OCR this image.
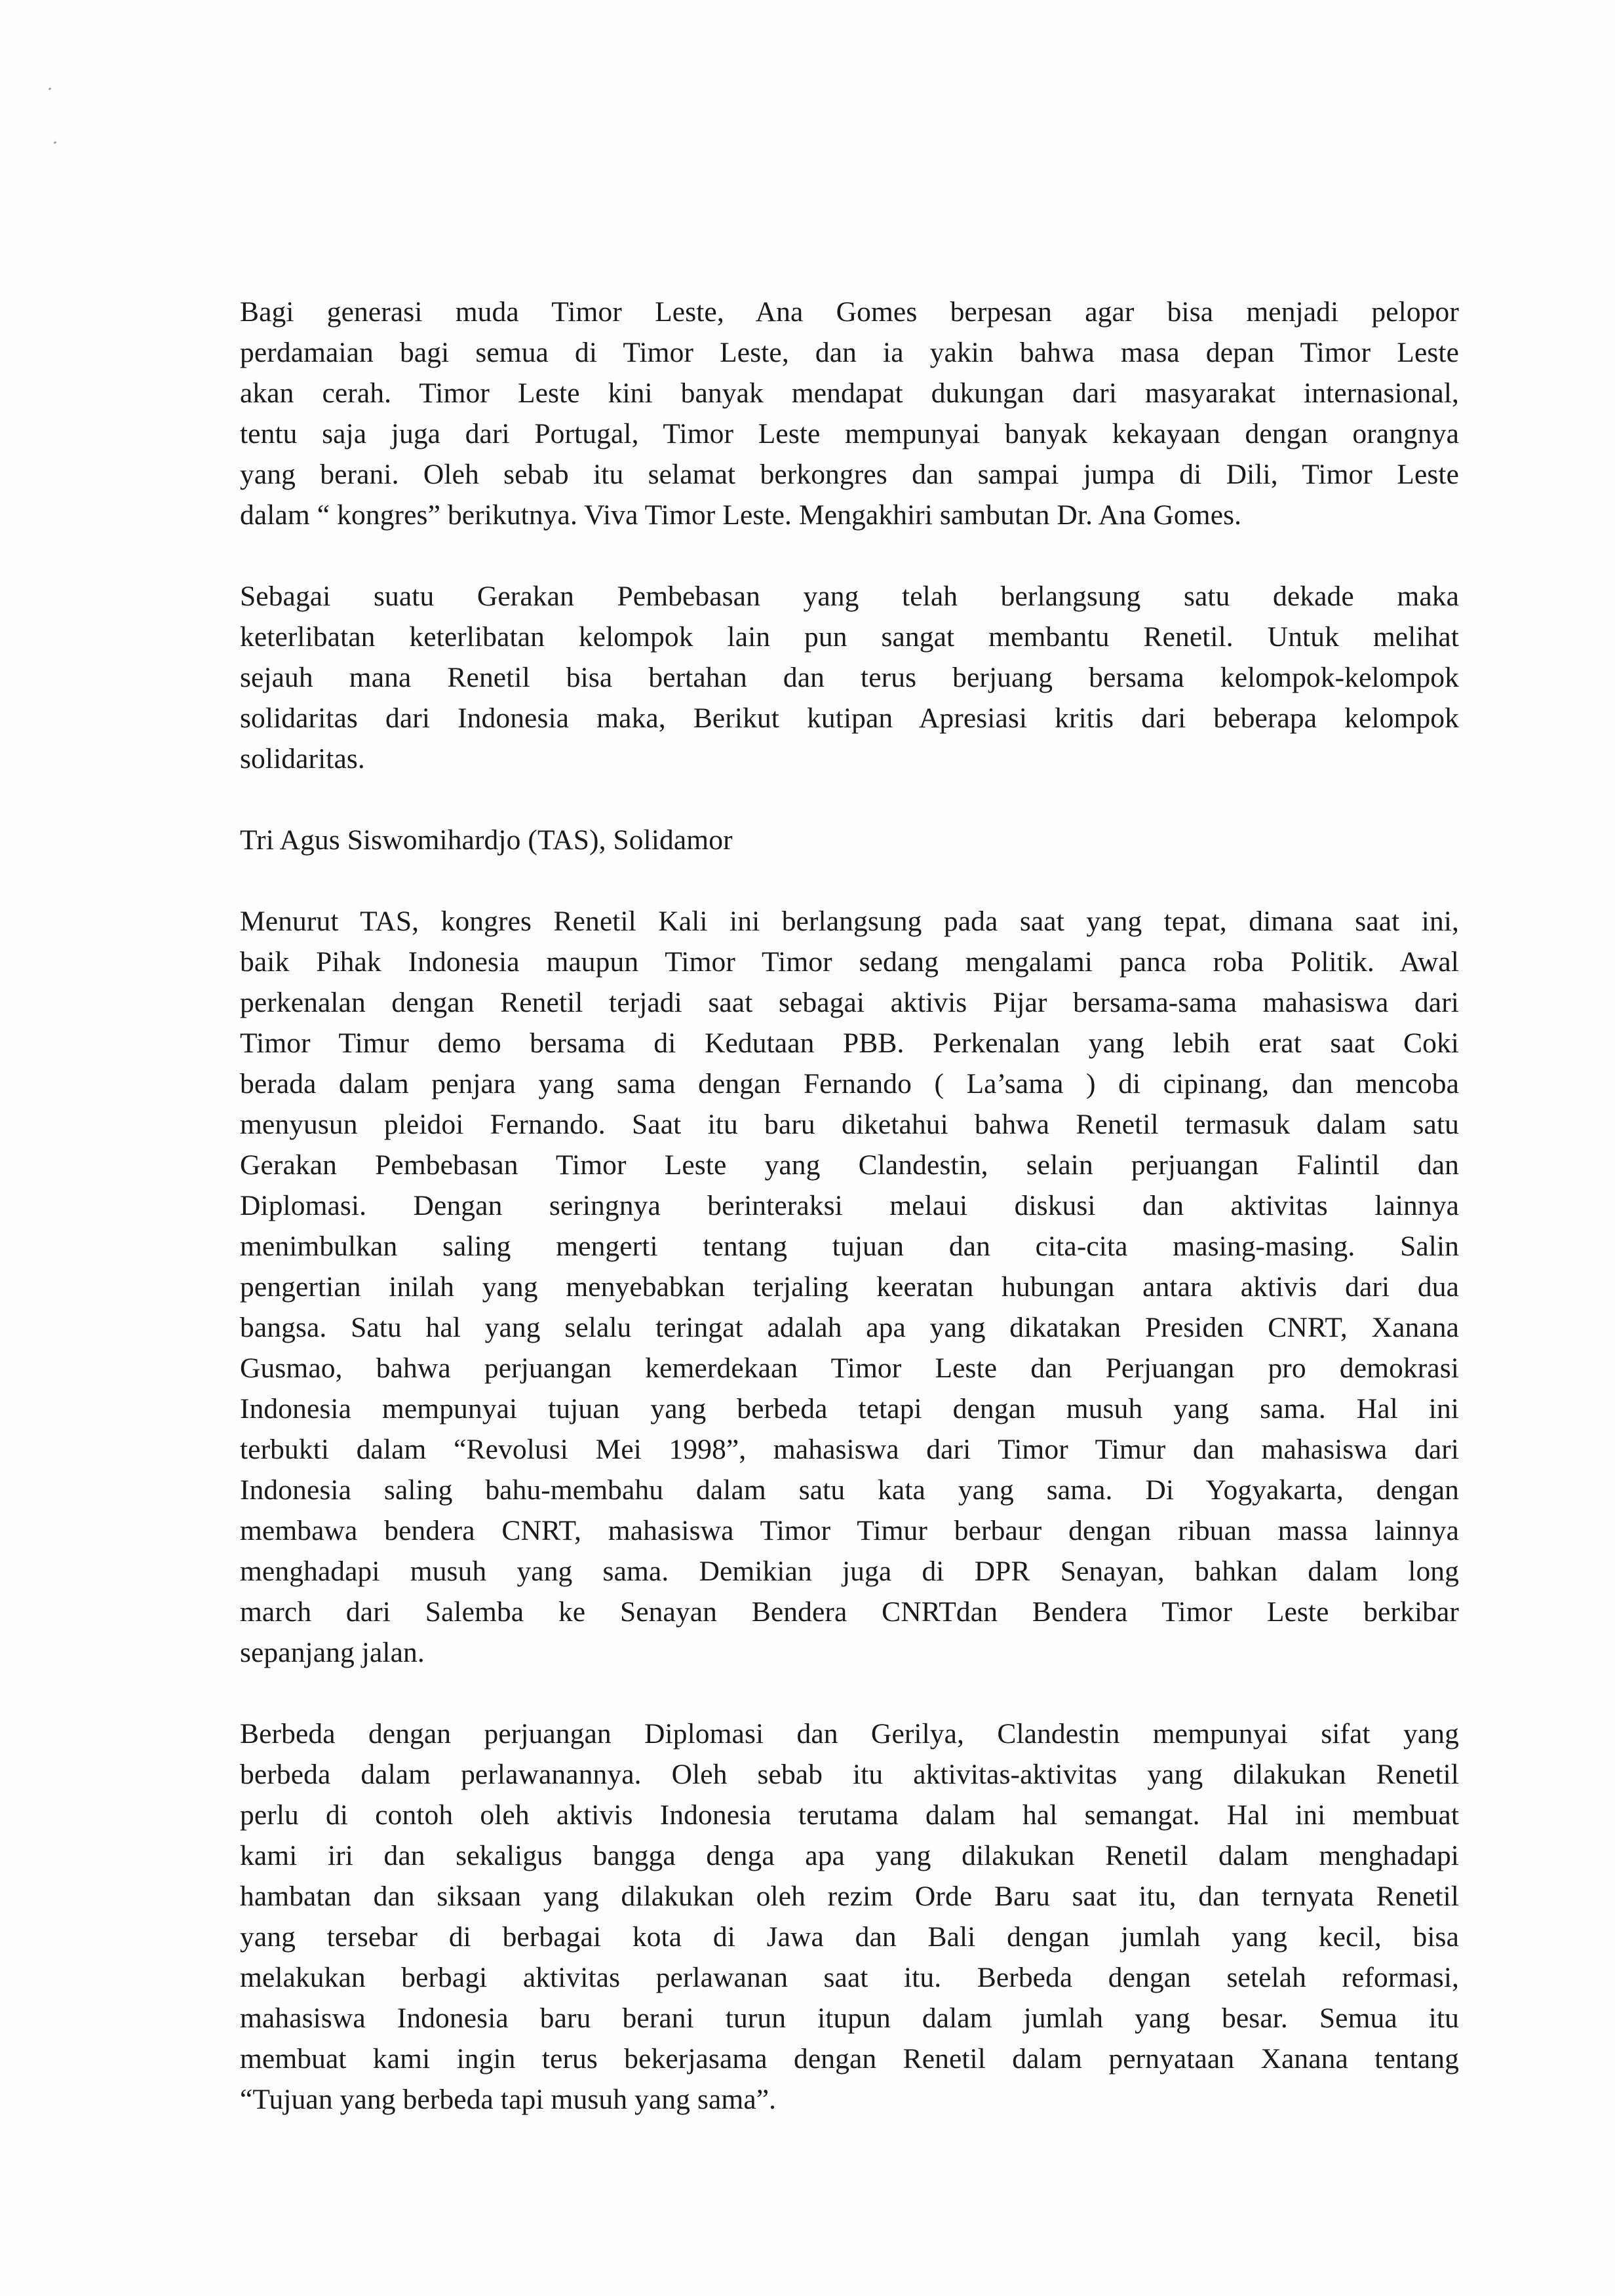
Bagi generasi muda Timor Leste, Ana Gomes berpesan agar bisa menjadi pelopor
perdamaian bagi semua di Timor Leste, dan ia yakin bahwa masa depan Timor Leste
akan cerah. Timor Leste kini banyak mendapat dukungan dari masyarakat internasional,
tentu saja juga dari Portugal, Timor Leste mempunyai banyak kekayaan dengan orangnya
yang berani. Oleh sebab itu selamat berkongres dan sampai jumpa di Dili, Timor Leste
dalam “ kongres” berikutnya. Viva Timor Leste. Mengakhiri sambutan Dr. Ana Gomes.
Sebagai suatu Gerakan Pembebasan yang telah berlangsung satu dekade maka
keterlibatan keterlibatan kelompok lain pun sangat membantu Renetil. Untuk melihat
sejauh mana Renetil bisa bertahan dan terus berjuang bersama kelompok-kelompok
solidaritas dari Indonesia maka, Berikut kutipan Apresiasi kritis dari beberapa kelompok
solidaritas.

Tri Agus Siswomihardjo (TAS), Solidamor

Menurut TAS, kongres Renetil Kali ini berlangsung pada saat yang tepat, dimana saat ini,
baik Pihak Indonesia maupun Timor Timor sedang mengalami panca roba Politik. Awal
perkenalan dengan Renetil terjadi saat sebagai aktivis Pijar bersama-sama mahasiswa dari
Timor Timur demo bersama di Kedutaan PBB. Perkenalan yang lebih erat saat Coki
berada dalam penjara yang sama dengan Fernando ( La’sama ) di cipinang, dan mencoba
menyusun pleidoi Fernando. Saat itu baru diketahui bahwa Renetil termasuk dalam satu
Gerakan Pembebasan Timor Leste yang Clandestin, selain perjuangan Falintil dan
Diplomasi. Dengan seringnya berinteraksi melaui diskusi dan aktivitas lainnya
menimbulkan saling mengerti tentang tujuan dan cita-cita masing-masing. Salin
pengertian inilah yang menyebabkan terjaling keeratan hubungan antara aktivis dari dua
bangsa. Satu hal yang selalu teringat adalah apa yang dikatakan Presiden CNRT, Xanana
Gusmao, bahwa perjuangan kemerdekaan Timor Leste dan Perjuangan pro demokrasi
Indonesia mempunyai tujuan yang berbeda tetapi dengan musuh yang sama. Hal ini
terbukti dalam “Revolusi Mei 1998”, mahasiswa dari Timor Timur dan mahasiswa dari
Indonesia saling bahu-membahu dalam satu kata yang sama. Di Yogyakarta, dengan
membawa bendera CNRT, mahasiswa Timor Timur berbaur dengan ribuan massa lainnya
menghadapi musuh yang sama. Demikian juga di DPR Senayan, bahkan dalam long
march dari Salemba ke Senayan Bendera CNRTdan Bendera Timor Leste berkibar
sepanjang jalan.
Berbeda dengan perjuangan Diplomasi dan Gerilya, Clandestin mempunyai sifat yang
berbeda dalam perlawanannya. Oleh sebab itu aktivitas-aktivitas yang dilakukan Renetil
perlu di contoh oleh aktivis Indonesia terutama dalam hal semangat. Hal ini membuat
kami iri dan sekaligus bangga denga apa yang dilakukan Renetil dalam menghadapi
hambatan dan siksaan yang dilakukan oleh rezim Orde Baru saat itu, dan ternyata Renetil
yang tersebar di berbagai kota di Jawa dan Bali dengan jumlah yang kecil, bisa
melakukan berbagi aktivitas perlawanan saat itu. Berbeda dengan setelah reformasi,
mahasiswa Indonesia baru berani turun itupun dalam jumlah yang besar. Semua itu
membuat kami ingin terus bekerjasama dengan Renetil dalam pernyataan Xanana tentang
“Tujuan yang berbeda tapi musuh yang sama”.
